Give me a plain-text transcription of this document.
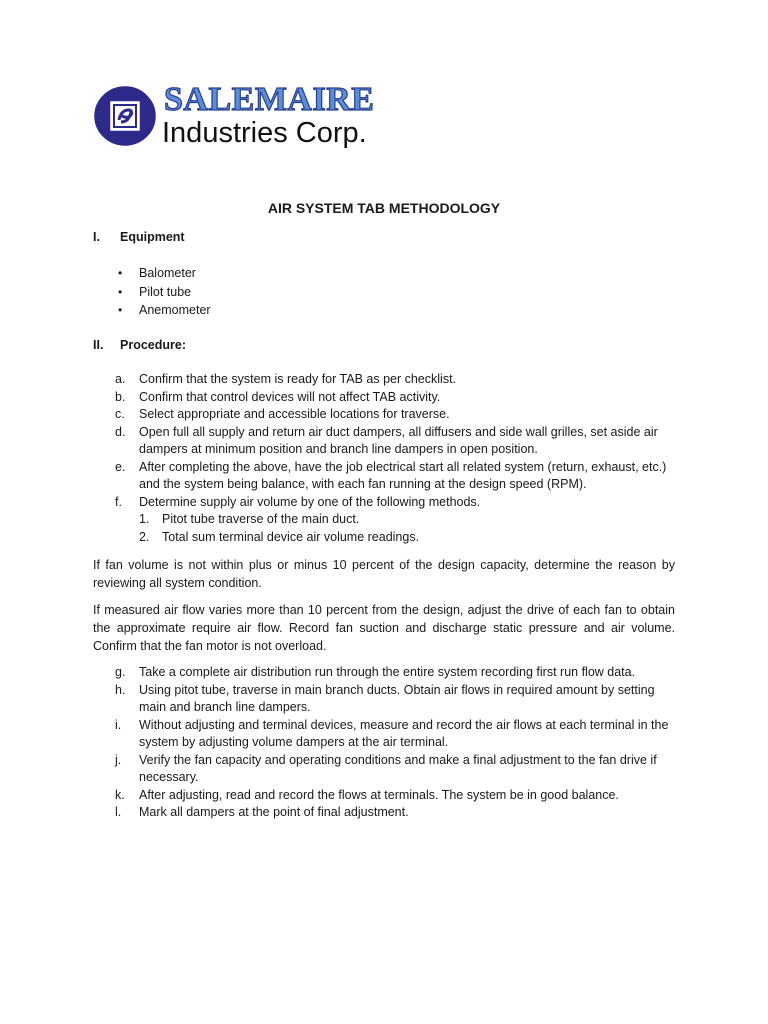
SALEMAIRE
Industries Corp.
AIR SYSTEM TAB METHODOLOGY
I. Equipment
• Balometer
• Pilot tube
• Anemometer
II. Procedure:
a. Confirm that the system is ready for TAB as per checklist.
b. Confirm that control devices will not affect TAB activity.
c. Select appropriate and accessible locations for traverse.
d. Open full all supply and return air duct dampers, all diffusers and side wall grilles, set aside air dampers at minimum position and branch line dampers in open position.
e. After completing the above, have the job electrical start all related system (return, exhaust, etc.) and the system being balance, with each fan running at the design speed (RPM).
f. Determine supply air volume by one of the following methods.
1. Pitot tube traverse of the main duct.
2. Total sum terminal device air volume readings.

If fan volume is not within plus or minus 10 percent of the design capacity, determine the reason by reviewing all system condition.

If measured air flow varies more than 10 percent from the design, adjust the drive of each fan to obtain the approximate require air flow. Record fan suction and discharge static pressure and air volume. Confirm that the fan motor is not overload.

g. Take a complete air distribution run through the entire system recording first run flow data.
h. Using pitot tube, traverse in main branch ducts. Obtain air flows in required amount by setting main and branch line dampers.
i. Without adjusting and terminal devices, measure and record the air flows at each terminal in the system by adjusting volume dampers at the air terminal.
j. Verify the fan capacity and operating conditions and make a final adjustment to the fan drive if necessary.
k. After adjusting, read and record the flows at terminals. The system be in good balance.
l. Mark all dampers at the point of final adjustment.
